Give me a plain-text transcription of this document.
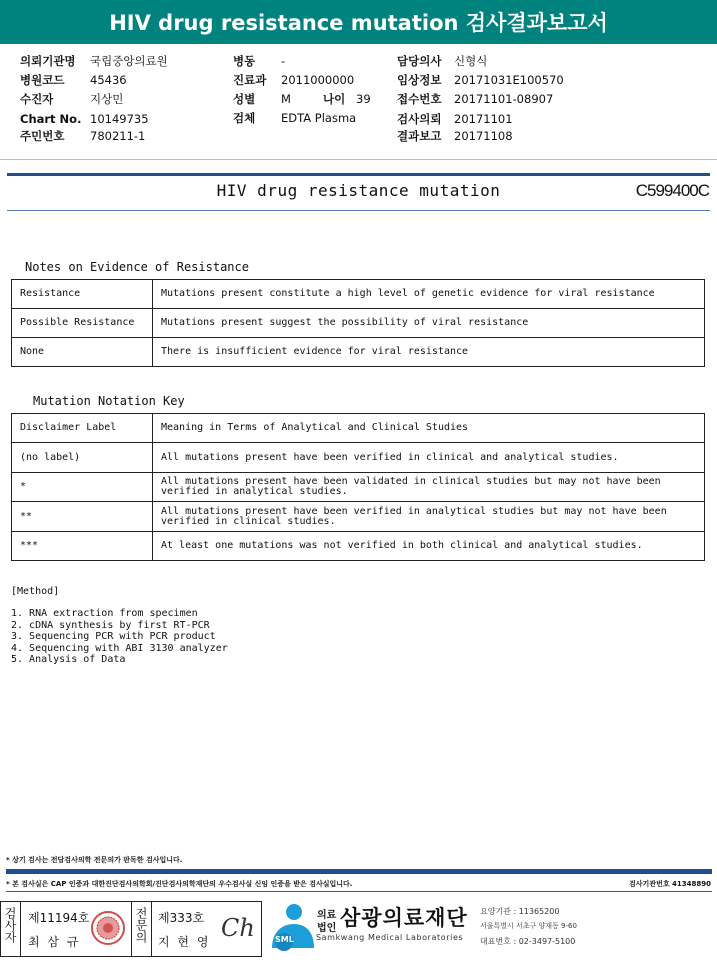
HIV drug resistance mutation 검사결과보고서
의뢰기관명 국립중앙의료원
병원코드 45436
수진자	지상민
Chart No. 10149735
주민번호 780211-1
병동 -
진료과 2011000000
성별 M	나이 39
검체 EDTA Plasma
담당의사 신형식
임상정보 20171031E100570
접수번호 20171101-08907
검사의뢰 20171101
결과보고 20171108
HIV drug resistance mutation	C599400C
Notes on Evidence of Resistance
Resistance	Mutations present constitute a high level of genetic evidence for viral resistance
Possible Resistance	Mutations present suggest the possibility of viral resistance
None	There is insufficient evidence for viral resistance
Mutation Notation Key
Disclaimer Label	Meaning in Terms of Analytical and Clinical Studies
(no label)	All mutations present have been verified in clinical and analytical studies.
*	All mutations present have been validated in clinical studies but may not have been verified in analytical studies.
**	All mutations present have been verified in analytical studies but may not have been verified in clinical studies.
***	At least one mutations was not verified in both clinical and analytical studies.
[Method]
1. RNA extraction from specimen
2. cDNA synthesis by first RT-PCR
3. Sequencing PCR with PCR product
4. Sequencing with ABI 3130 analyzer
5. Analysis of Data
* 상기 검사는 전담검사의학 전문의가 판독한 검사입니다.
* 본 검사실은 CAP 인증과 대한진단검사의학회/진단검사의학재단의 우수검사실 신임 인증을 받은 검사실입니다.	검사기관번호 41348890
검사자 제11194호
최 삼 규	전문의 제333호
지 현 영 Ch	SML
의료
법인 삼광의료재단
Samkwang Medical Laboratories
요양기관 : 11365200
서울특별시 서초구 양재동 9-60
대표번호 : 02-3497-5100
